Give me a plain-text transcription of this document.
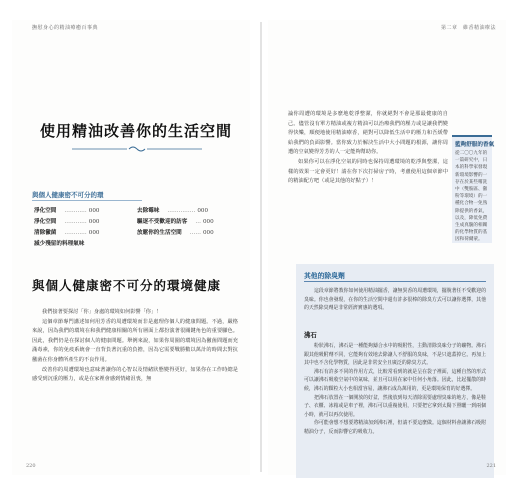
撫慰身心的精油療癒百事典
使用精油改善你的生活空間
與個人健康密不可分的環
淨化空間 ………… 000
淨化空間 ………… 000
清除黴菌 ………… 000
減少殘留的料理氣味
去除霉味 …………… 000
驅逐不受歡迎的訪客 … 000
放鬆你的生活空間 …… 000
與個人健康密不可分的環境健康

我們接著要探討「你」身處的環境如何影響「你」！

這個章節專門講述如何用芳香的周遭環境而非是處理你個人的健康問題。不過，嚴格來說，因為我們的環境在和我們健康相關的所有層面上都扮演著很關鍵角色的重要腳色。因此，我們仍是在探討個人的健康問題。舉例來說，如果你周圍的環境因為黴菌問題而充滿毒素，你的免疫系統會一直背負著沉重的負擔，因為它需要戰勝數以萬計的時間去對抗黴菌在你身體所產生的不良作用。

改善你的周遭環境也意味著讓你的心智以及情緒狀態變得更好，如果你在工作時總是感受到沉重的壓力，或是在家裡會感到情緒沮喪，無

220
第二章　維香精油療法

論你周遭的環境是多麼地乾淨整潔，你就絕對不會是那最健康的自己。儘管沒有單方精油或複方精油可以治療我們的壓力或是讓我們變得快樂，順便地使用精油療香，絕對可以降低生活中的壓力和吾緩帶給我們的負面影響。當你致力於解決生活中大小問題的根源，讓你周遭的空氣變得芳芳的人一定能夠幫助你。

如果你可以在淨化空氣的同時也保持周遭環境的乾淨與整潔，這樣的效果一定會更好！請在你下次打掃房子時，考慮使用這個章節中的精油配方吧（或是其他的好點子）！

藍夠舒服的香氣
從二〇〇九年的一篇研究中，日本的科學家發現新環境影響的一存在於某些嚐洗中（雙胺區、黴粉等環境）的一種化合物一免熟除提供的香氣，以及，降低免費生成真髓的相關的化學物質的基因和荷爾蒙。
其他的除臭劑

這段章節將教你如何使用精油擺香，讓無異香的周遭環境，擺脫著任不受歡迎的臭味。你也會發現，在你的生活空間中還有許多很棒的除臭方式可以讓你選擇，其他的天然除臭劑是非常經濟實惠的選項。

沸石

粉狀沸石，沸石是一種能夠鑄合水中的吸附性，主動清除臭味分子的礦物。沸石跟其他吸附劑不同，它能夠有效地去除讓人不舒服的臭味，不是只遮蓋掉它。再加上其中也不含化學物質，因此是非常安全且廣泛的除臭方式。

沸石有許多不同的作用方式，比較常看到的就是呈在袋子裡面，這種自然的形式可以讓沸石吸收空氣中的氣味，並且可以用在家中任何小角落。因此，比起擺散的時候，沸石的顆粒大小也相當容易，讓沸石成為萬用的，更是環境保育的好選擇。

把沸石放置在一個開放的好盆，然後放到每天清除需要處理臭味的地方，像是鞋子、衣櫃、冰箱或是車子裡，沸石可以重複使用，只要把它拿到太陽下照曬一到兩個小時，就可以再次使用。

你可能會想不想要將精油加到沸石裡，但請不要這麼做。這個材料會讓沸石吸附精油分子，反而影響它的吸收力。

221
